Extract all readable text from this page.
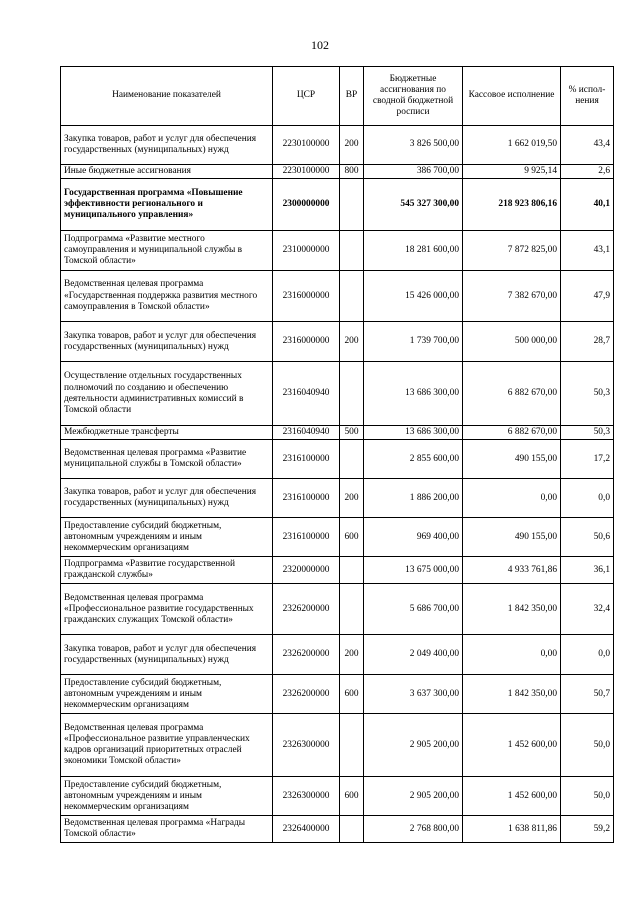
102
Наименование показателей	ЦСР	ВР	Бюджетные ассигнования по сводной бюджетной росписи	Кассовое исполнение	% испол-нения
Закупка товаров, работ и услуг для обеспечения государственных (муниципальных) нужд	2230100000	200	3 826 500,00	1 662 019,50	43,4
Иные бюджетные ассигнования	2230100000	800	386 700,00	9 925,14	2,6
Государственная программа «Повышение эффективности регионального и муниципального управления»	2300000000		545 327 300,00	218 923 806,16	40,1
Подпрограмма «Развитие местного самоуправления и муниципальной службы в Томской области»	2310000000		18 281 600,00	7 872 825,00	43,1
Ведомственная целевая программа «Государственная поддержка развития местного самоуправления в Томской области»	2316000000		15 426 000,00	7 382 670,00	47,9
Закупка товаров, работ и услуг для обеспечения государственных (муниципальных) нужд	2316000000	200	1 739 700,00	500 000,00	28,7
Осуществление отдельных государственных полномочий по созданию и обеспечению деятельности административных комиссий в Томской области	2316040940		13 686 300,00	6 882 670,00	50,3
Межбюджетные трансферты	2316040940	500	13 686 300,00	6 882 670,00	50,3
Ведомственная целевая программа «Развитие муниципальной службы в Томской области»	2316100000		2 855 600,00	490 155,00	17,2
Закупка товаров, работ и услуг для обеспечения государственных (муниципальных) нужд	2316100000	200	1 886 200,00	0,00	0,0
Предоставление субсидий бюджетным, автономным учреждениям и иным некоммерческим организациям	2316100000	600	969 400,00	490 155,00	50,6
Подпрограмма «Развитие государственной гражданской службы»	2320000000		13 675 000,00	4 933 761,86	36,1
Ведомственная целевая программа «Профессиональное развитие государственных гражданских служащих Томской области»	2326200000		5 686 700,00	1 842 350,00	32,4
Закупка товаров, работ и услуг для обеспечения государственных (муниципальных) нужд	2326200000	200	2 049 400,00	0,00	0,0
Предоставление субсидий бюджетным, автономным учреждениям и иным некоммерческим организациям	2326200000	600	3 637 300,00	1 842 350,00	50,7
Ведомственная целевая программа «Профессиональное развитие управленческих кадров организаций приоритетных отраслей экономики Томской области»	2326300000		2 905 200,00	1 452 600,00	50,0
Предоставление субсидий бюджетным, автономным учреждениям и иным некоммерческим организациям	2326300000	600	2 905 200,00	1 452 600,00	50,0
Ведомственная целевая программа «Награды Томской области»	2326400000		2 768 800,00	1 638 811,86	59,2
